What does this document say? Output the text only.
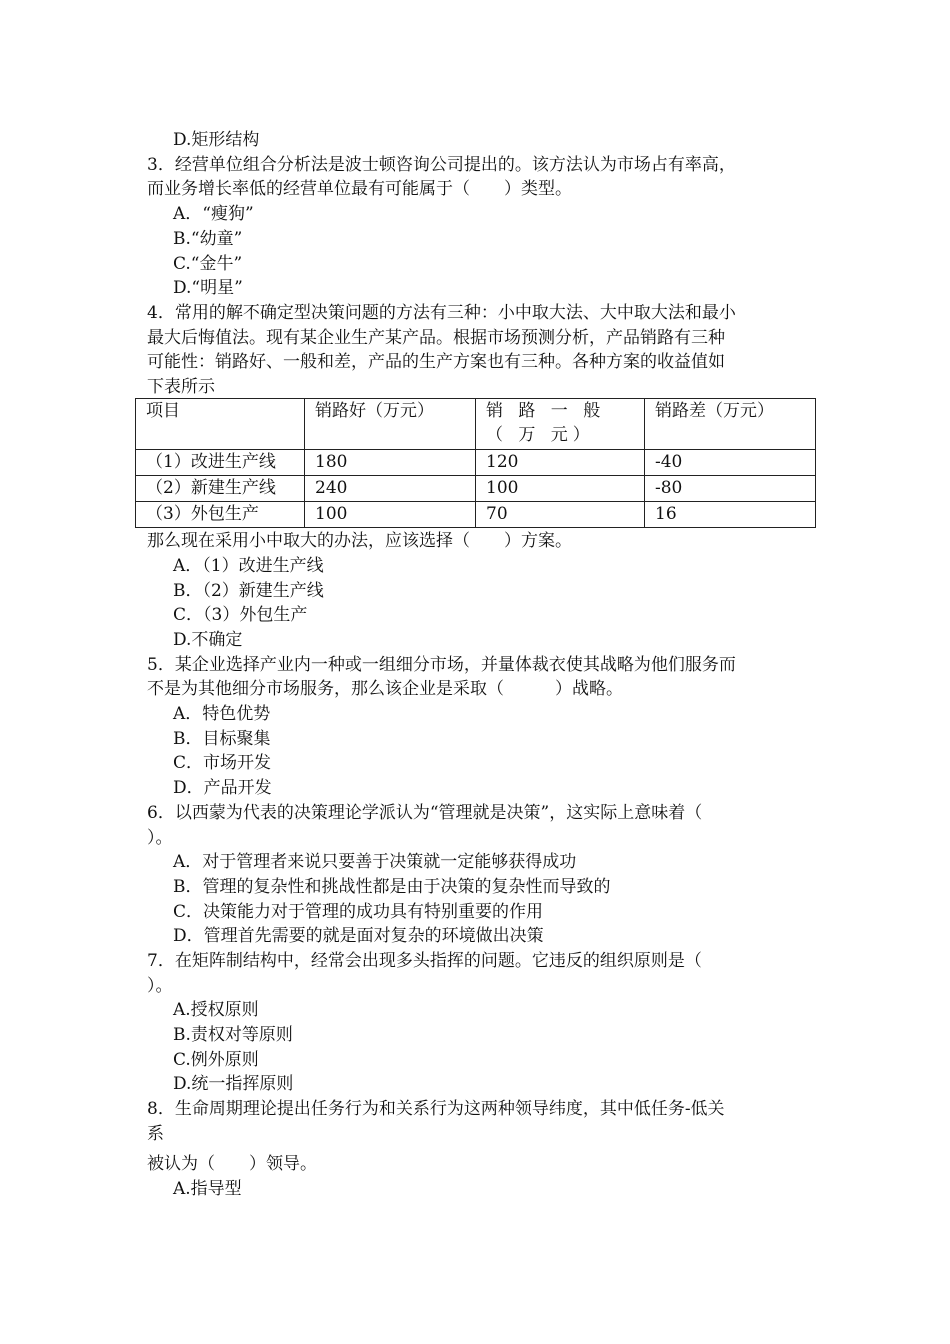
项目	销路好（万元）	销 路 一 般 （ 万 元）	销路差（万元）
（1）改进生产线	180	120	-40
（2）新建生产线	240	100	-80
（3）外包生产	100	70	16
D.矩形结构
3．经营单位组合分析法是波士顿咨询公司提出的。该方法认为市场占有率高，
而业务增长率低的经营单位最有可能属于（　　）类型。
A．“瘦狗”
B.“幼童”
C.“金牛”
D.“明星”
4．常用的解不确定型决策问题的方法有三种：小中取大法、大中取大法和最小
最大后悔值法。现有某企业生产某产品。根据市场预测分析，产品销路有三种
可能性：销路好、一般和差，产品的生产方案也有三种。各种方案的收益值如
下表所示
那么现在采用小中取大的办法，应该选择（　　）方案。
A．（1）改进生产线
B．（2）新建生产线
C．（3）外包生产
D.不确定
5．某企业选择产业内一种或一组细分市场，并量体裁衣使其战略为他们服务而
不是为其他细分市场服务，那么该企业是采取（　　　）战略。
A．特色优势
B．目标聚集
C．市场开发
D．产品开发
6．以西蒙为代表的决策理论学派认为“管理就是决策”，这实际上意味着（
）。
A．对于管理者来说只要善于决策就一定能够获得成功
B．管理的复杂性和挑战性都是由于决策的复杂性而导致的
C．决策能力对于管理的成功具有特别重要的作用
D．管理首先需要的就是面对复杂的环境做出决策
7．在矩阵制结构中，经常会出现多头指挥的问题。它违反的组织原则是（
）。
A.授权原则
B.责权对等原则
C.例外原则
D.统一指挥原则
8．生命周期理论提出任务行为和关系行为这两种领导纬度，其中低任务-低关
系
被认为（　　）领导。
A.指导型
